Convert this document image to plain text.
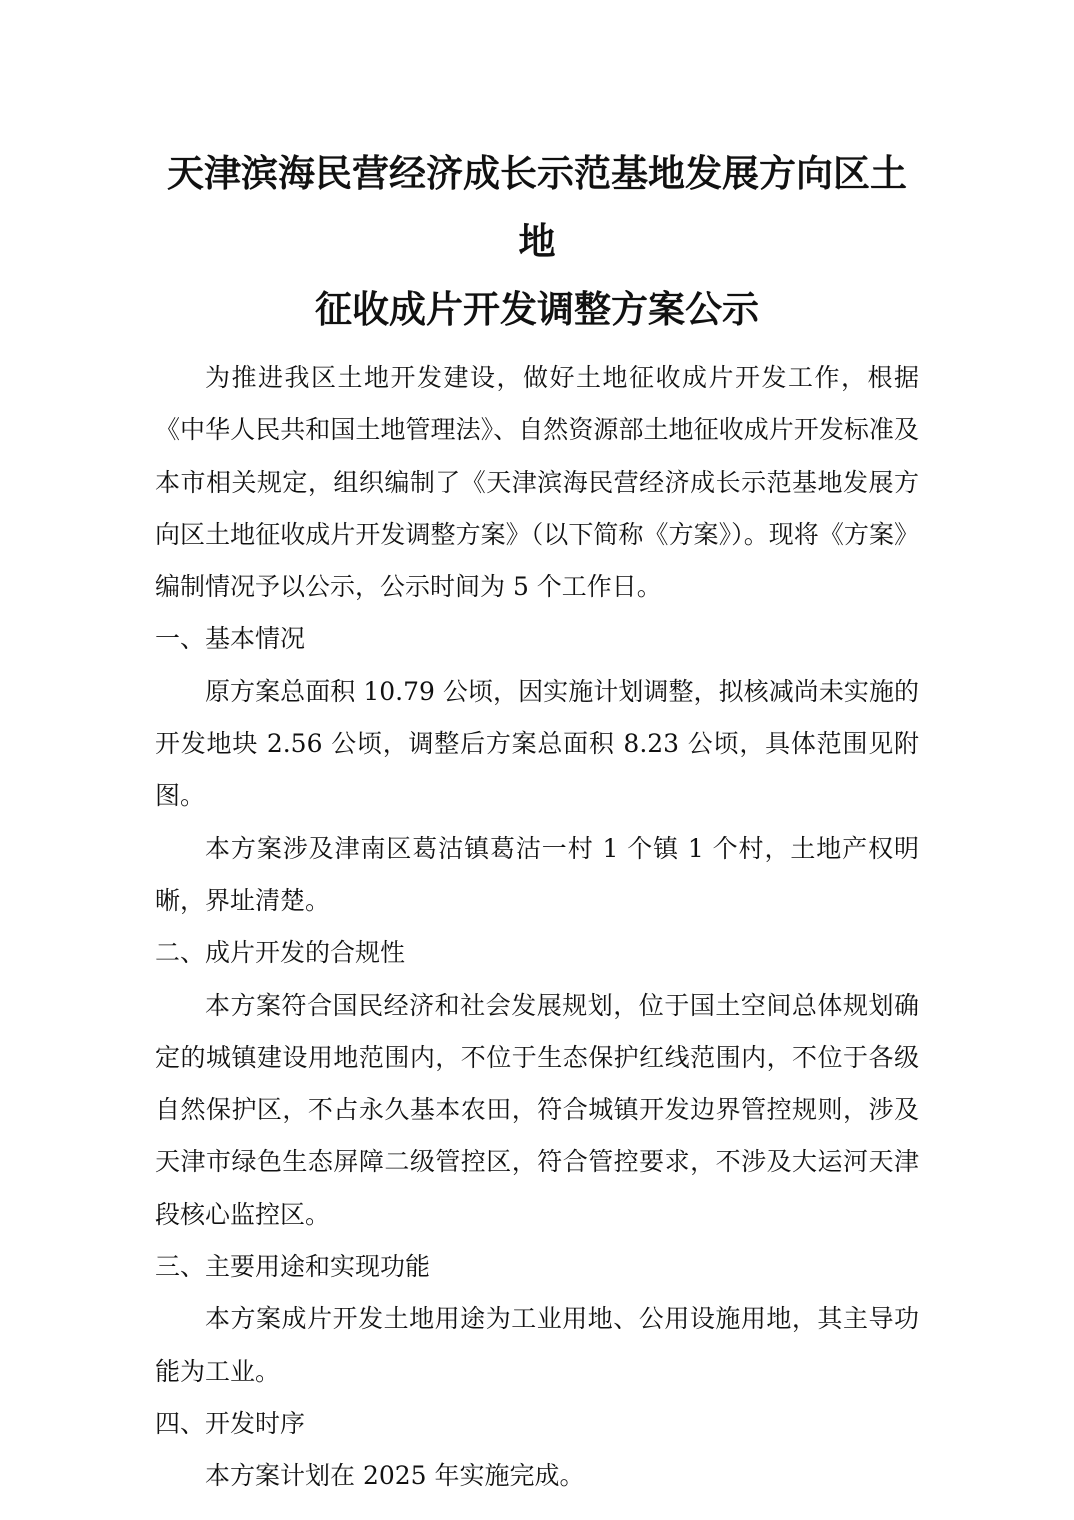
天津滨海民营经济成长示范基地发展方向区土地
征收成片开发调整方案公示

为推进我区土地开发建设，做好土地征收成片开发工作，根据《中华人民共和国土地管理法》、自然资源部土地征收成片开发标准及本市相关规定，组织编制了《天津滨海民营经济成长示范基地发展方向区土地征收成片开发调整方案》（以下简称《方案》）。现将《方案》编制情况予以公示，公示时间为 5 个工作日。

一、基本情况

原方案总面积 10.79 公顷，因实施计划调整，拟核减尚未实施的开发地块 2.56 公顷，调整后方案总面积 8.23 公顷，具体范围见附图。

本方案涉及津南区葛沽镇葛沽一村 1 个镇 1 个村，土地产权明晰，界址清楚。

二、成片开发的合规性

本方案符合国民经济和社会发展规划，位于国土空间总体规划确定的城镇建设用地范围内，不位于生态保护红线范围内，不位于各级自然保护区，不占永久基本农田，符合城镇开发边界管控规则，涉及天津市绿色生态屏障二级管控区，符合管控要求，不涉及大运河天津段核心监控区。

三、主要用途和实现功能

本方案成片开发土地用途为工业用地、公用设施用地，其主导功能为工业。

四、开发时序

本方案计划在 2025 年实施完成。
